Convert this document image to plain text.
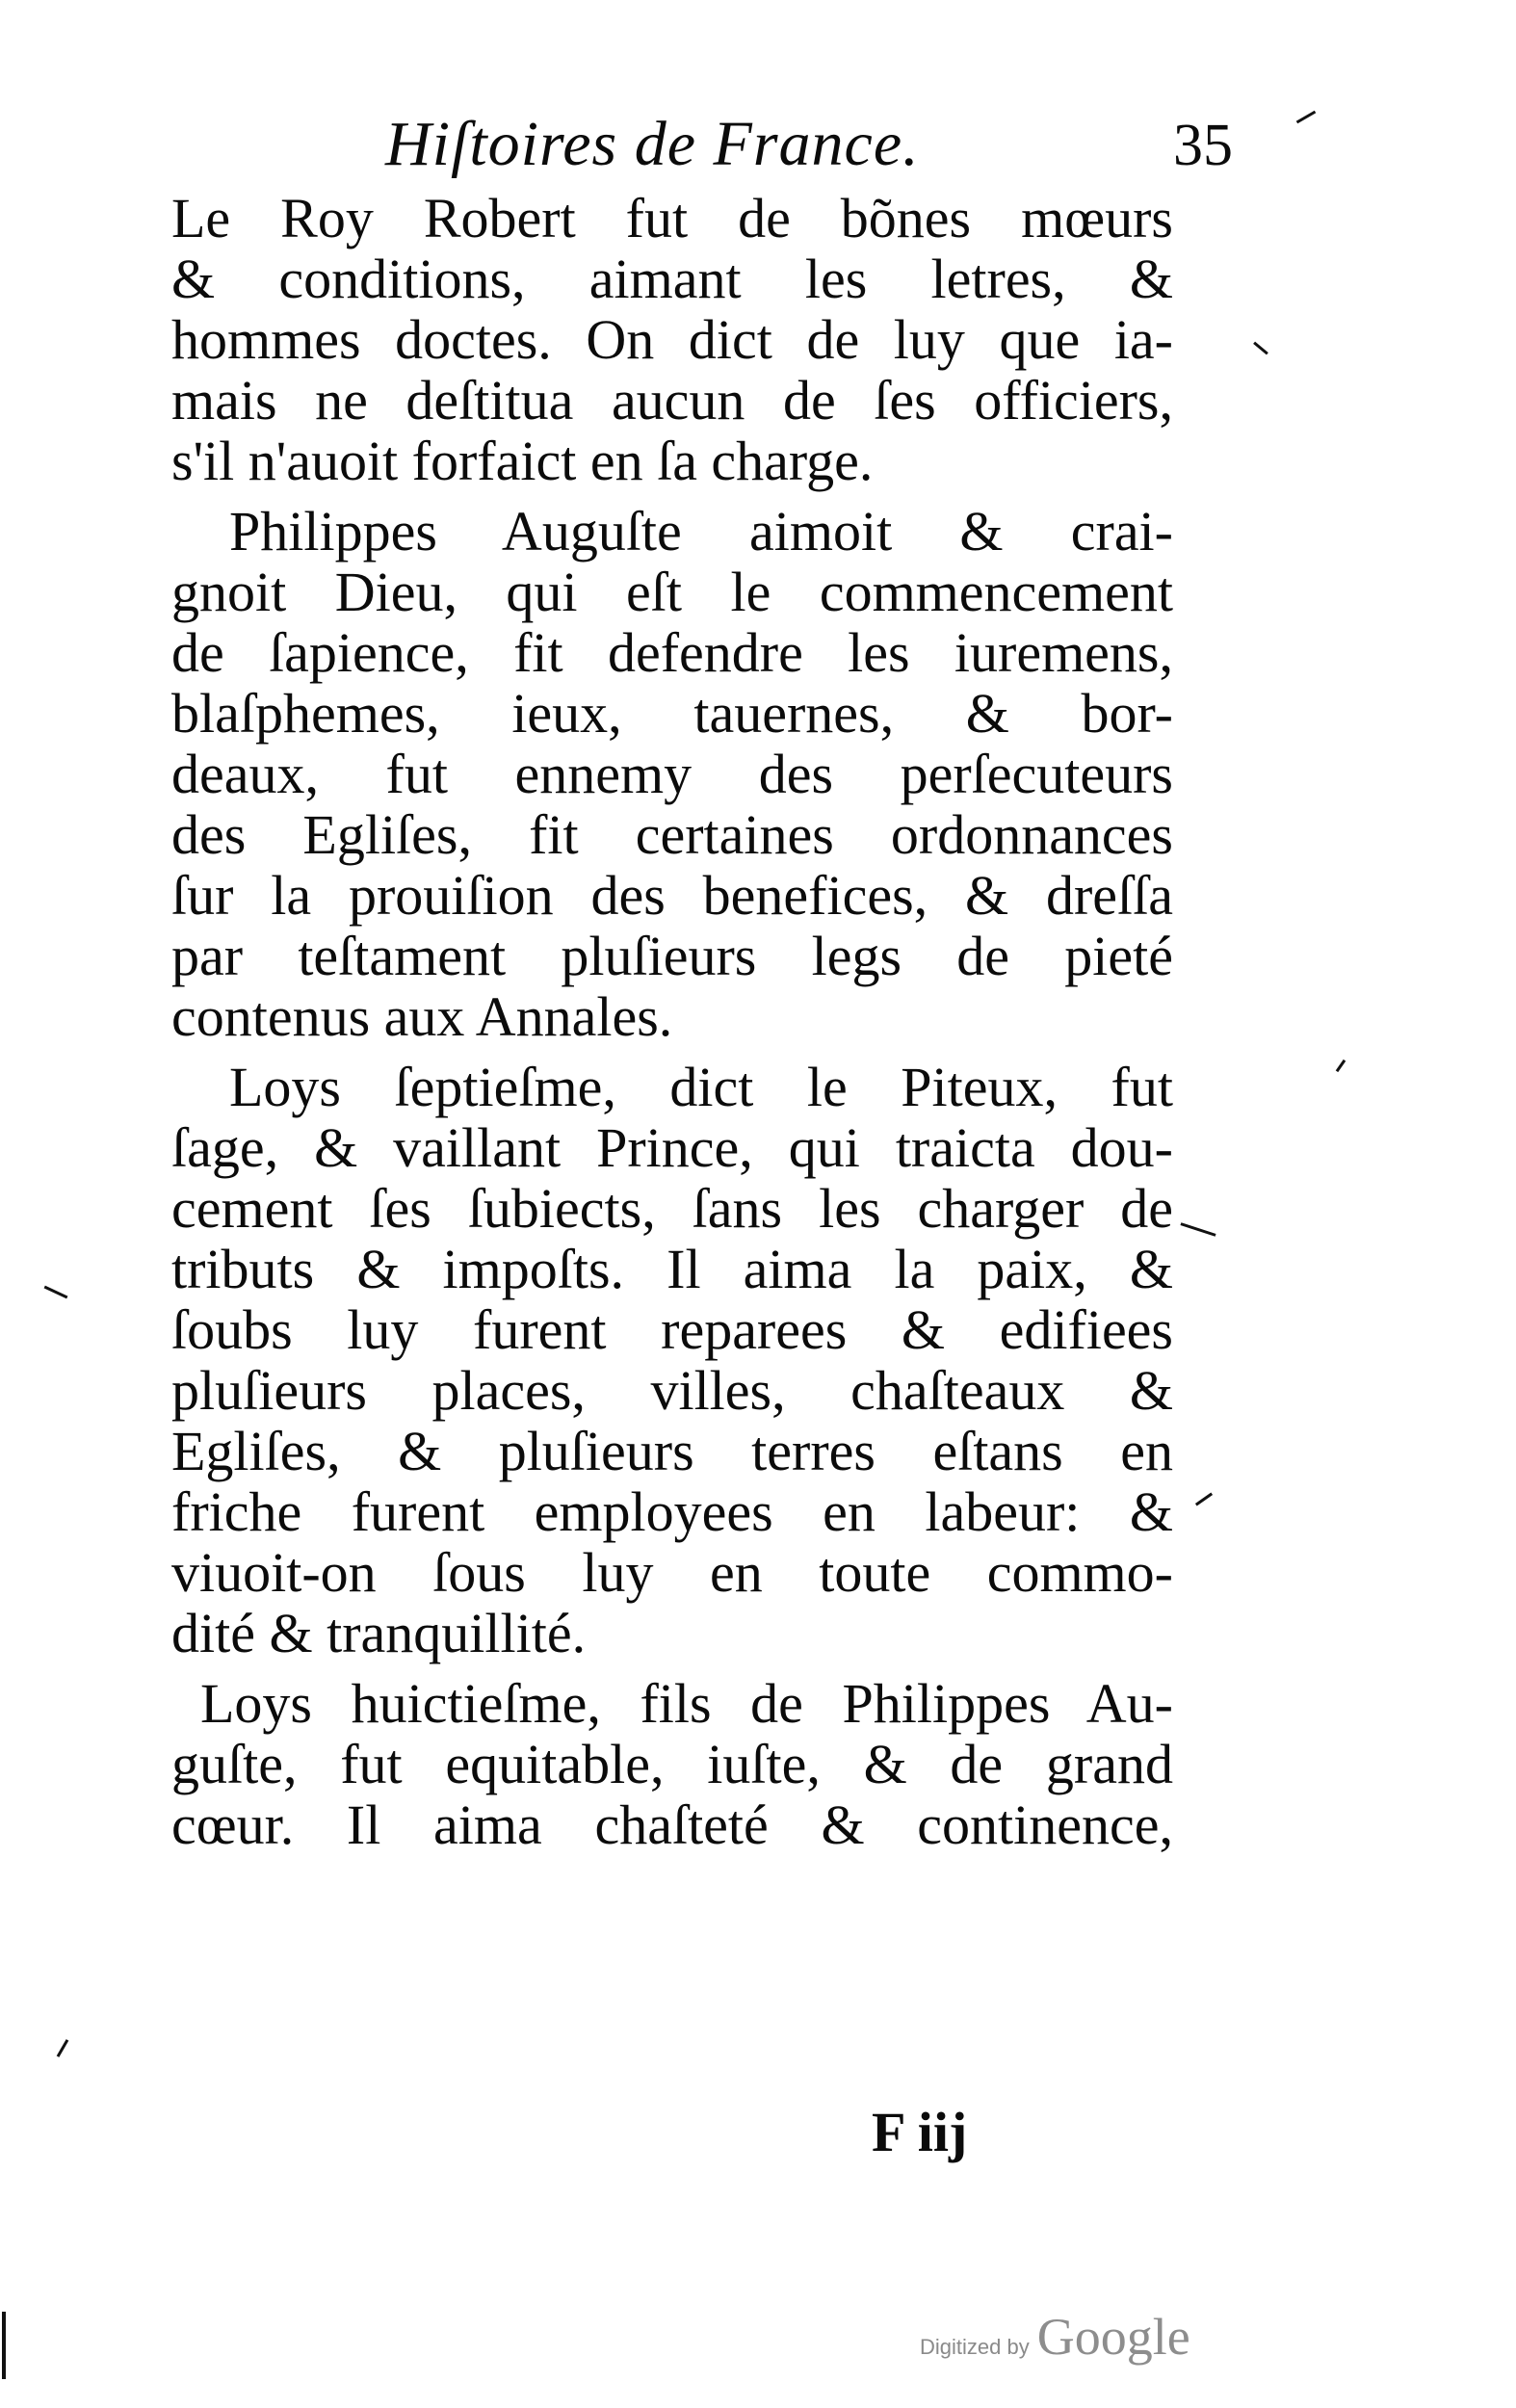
Hiſtoires de France.	35
Le Roy Robert fut de bõnes mœurs
& conditions, aimant les letres, &
hommes doctes. On dict de luy que ia-
mais ne deſtitua aucun de ſes officiers,
s'il n'auoit forfaict en ſa charge.
Philippes Auguſte aimoit & crai-
gnoit Dieu, qui eſt le commencement
de ſapience, fit defendre les iuremens,
blaſphemes, ieux, tauernes, & bor-
deaux, fut ennemy des perſecuteurs
des Egliſes, fit certaines ordonnances
ſur la prouiſion des benefices, & dreſſa
par teſtament pluſieurs legs de pieté
contenus aux Annales.
Loys ſeptieſme, dict le Piteux, fut
ſage, & vaillant Prince, qui traicta dou-
cement ſes ſubiects, ſans les charger de
tributs & impoſts. Il aima la paix, &
ſoubs luy furent reparees & edifiees
pluſieurs places, villes, chaſteaux &
Egliſes, & pluſieurs terres eſtans en
friche furent employees en labeur: &
viuoit-on ſous luy en toute commo-
dité & tranquillité.
Loys huictieſme, fils de Philippes Au-
guſte, fut equitable, iuſte, & de grand
cœur. Il aima chaſteté & continence,
F iij
Digitized by Google
